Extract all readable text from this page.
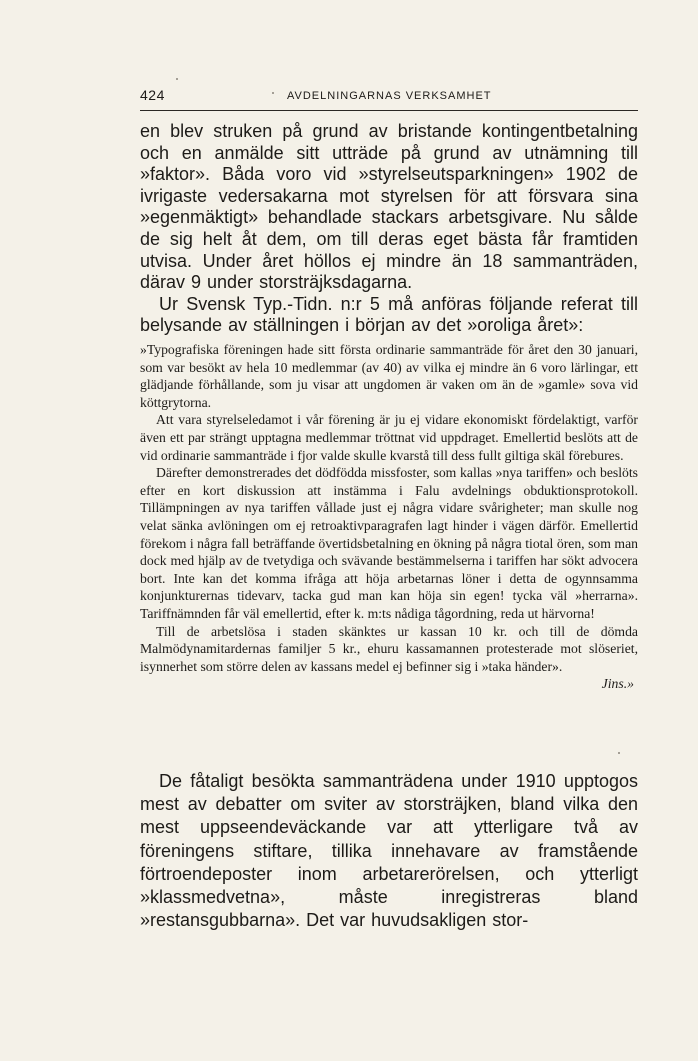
424	AVDELNINGARNAS VERKSAMHET

en blev struken på grund av bristande kontingentbetalning och en anmälde sitt utträde på grund av utnämning till »faktor». Båda voro vid »styrelseutsparkningen» 1902 de ivrigaste vedersakarna mot styrelsen för att försvara sina »egenmäktigt» behandlade stackars arbetsgivare. Nu sålde de sig helt åt dem, om till deras eget bästa får framtiden utvisa. Under året höllos ej mindre än 18 sammanträden, därav 9 under storsträjksdagarna.

Ur Svensk Typ.-Tidn. n:r 5 må anföras följande referat till belysande av ställningen i början av det »oroliga året»:

»Typografiska föreningen hade sitt första ordinarie sammanträde för året den 30 januari, som var besökt av hela 10 medlemmar (av 40) av vilka ej mindre än 6 voro lärlingar, ett glädjande förhållande, som ju visar att ungdomen är vaken om än de »gamle» sova vid köttgrytorna.

Att vara styrelseledamot i vår förening är ju ej vidare ekonomiskt fördelaktigt, varför även ett par strängt upptagna medlemmar tröttnat vid uppdraget. Emellertid beslöts att de vid ordinarie sammanträde i fjor valde skulle kvarstå till dess fullt giltiga skäl förebures.

Därefter demonstrerades det dödfödda missfoster, som kallas »nya tariffen» och beslöts efter en kort diskussion att instämma i Falu avdelnings obduktionsprotokoll. Tillämpningen av nya tariffen vållade just ej några vidare svårigheter; man skulle nog velat sänka avlöningen om ej retroaktivparagrafen lagt hinder i vägen därför. Emellertid förekom i några fall beträffande övertidsbetalning en ökning på några tiotal ören, som man dock med hjälp av de tvetydiga och svävande bestämmelserna i tariffen har sökt advocera bort. Inte kan det komma ifråga att höja arbetarnas löner i detta de ogynnsamma konjunkturernas tidevarv, tacka gud man kan höja sin egen! tycka väl »herrarna». Tariffnämnden får väl emellertid, efter k. m:ts nådiga tågordning, reda ut härvorna!

Till de arbetslösa i staden skänktes ur kassan 10 kr. och till de dömda Malmödynamitardernas familjer 5 kr., ehuru kassamannen protesterade mot slöseriet, isynnerhet som större delen av kassans medel ej befinner sig i »taka händer».

Jins.»

De fåtaligt besökta sammanträdena under 1910 upptogos mest av debatter om sviter av storsträjken, bland vilka den mest uppseendeväckande var att ytterligare två av föreningens stiftare, tillika innehavare av framstående förtroendeposter inom arbetarerörelsen, och ytterligt »klassmedvetna», måste inregistreras bland »restansgubbarna». Det var huvudsakligen stor-
